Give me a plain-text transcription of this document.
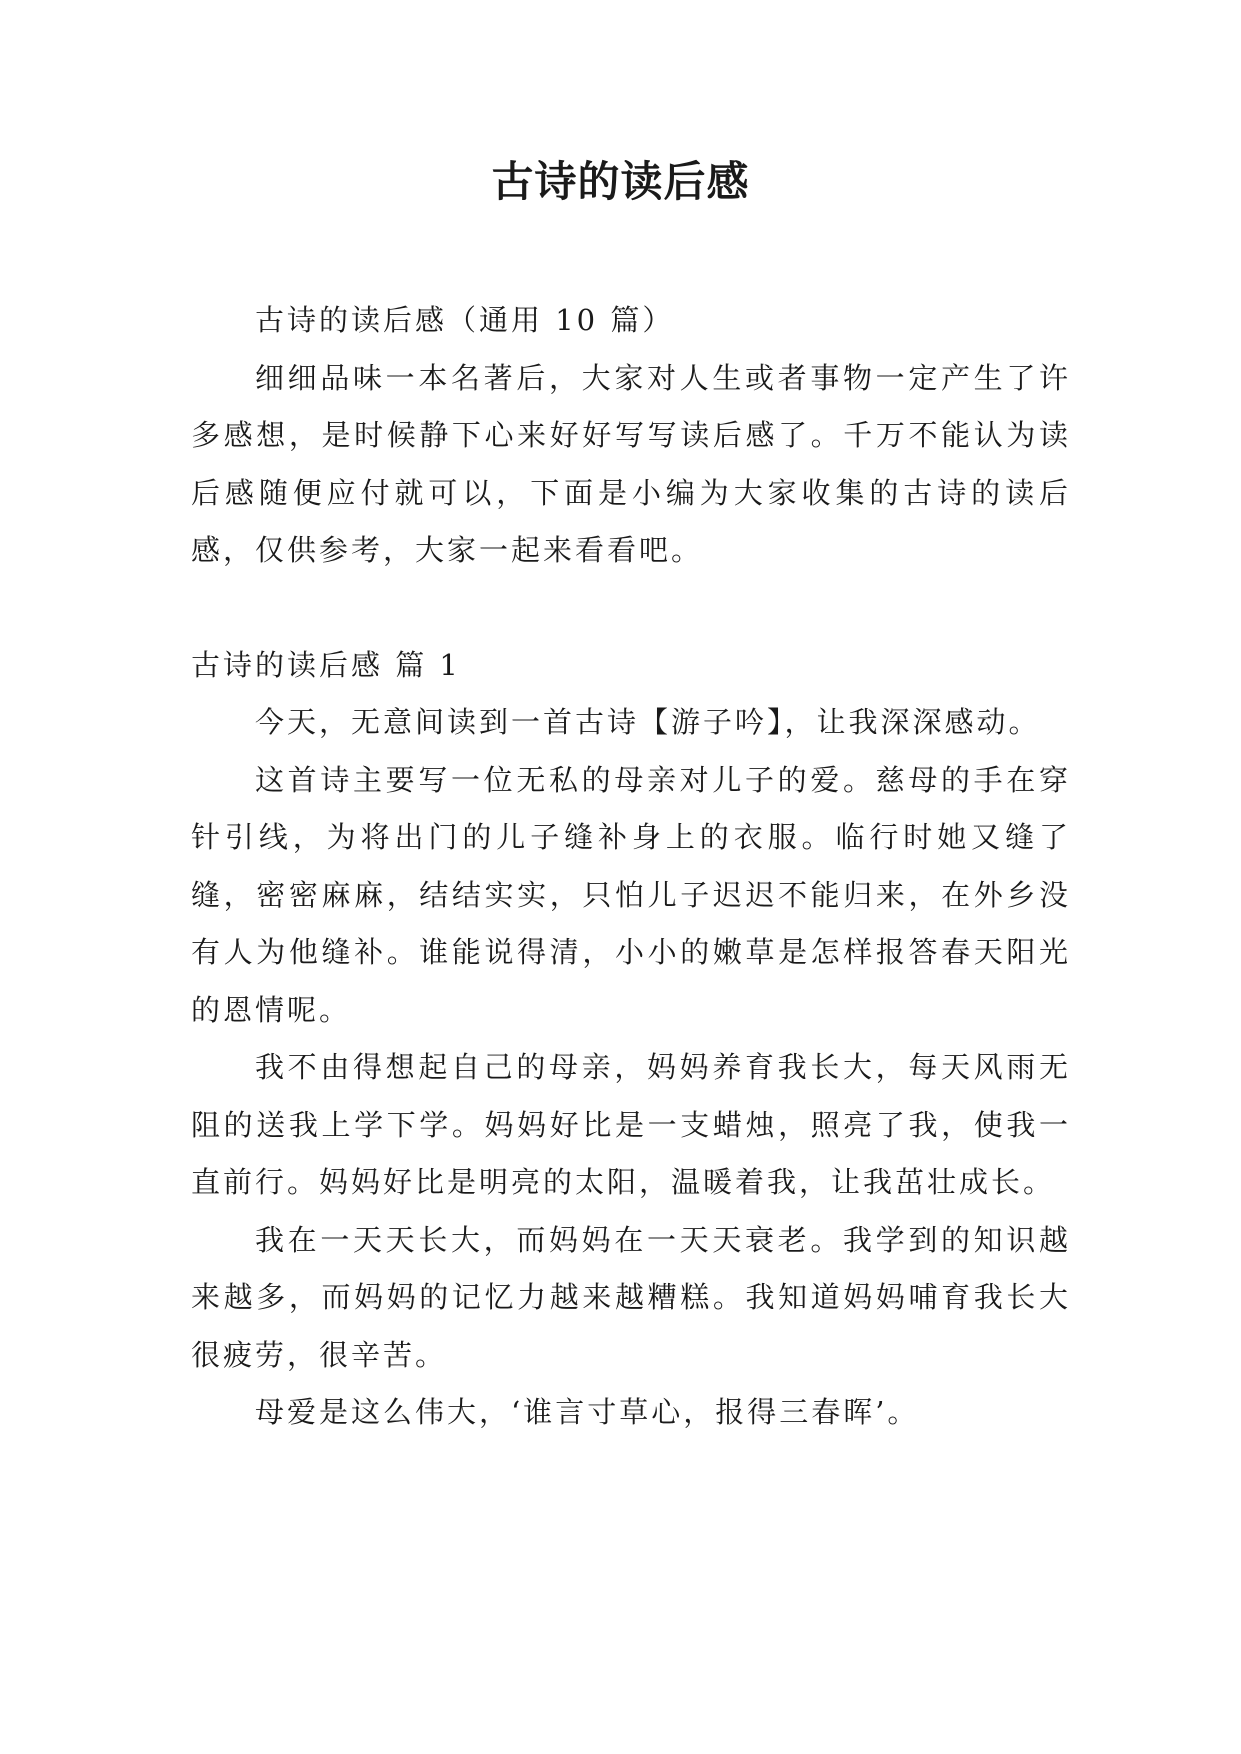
古诗的读后感

古诗的读后感（通用 10 篇）

细细品味一本名著后，大家对人生或者事物一定产生了许多感想，是时候静下心来好好写写读后感了。千万不能认为读后感随便应付就可以，下面是小编为大家收集的古诗的读后感，仅供参考，大家一起来看看吧。

古诗的读后感 篇 1

今天，无意间读到一首古诗【游子吟】，让我深深感动。

这首诗主要写一位无私的母亲对儿子的爱。慈母的手在穿针引线，为将出门的儿子缝补身上的衣服。临行时她又缝了缝，密密麻麻，结结实实，只怕儿子迟迟不能归来，在外乡没有人为他缝补。谁能说得清，小小的嫩草是怎样报答春天阳光的恩情呢。

我不由得想起自己的母亲，妈妈养育我长大，每天风雨无阻的送我上学下学。妈妈好比是一支蜡烛，照亮了我，使我一直前行。妈妈好比是明亮的太阳，温暖着我，让我茁壮成长。

我在一天天长大，而妈妈在一天天衰老。我学到的知识越来越多，而妈妈的记忆力越来越糟糕。我知道妈妈哺育我长大很疲劳，很辛苦。

母爱是这么伟大，‘谁言寸草心，报得三春晖’。
